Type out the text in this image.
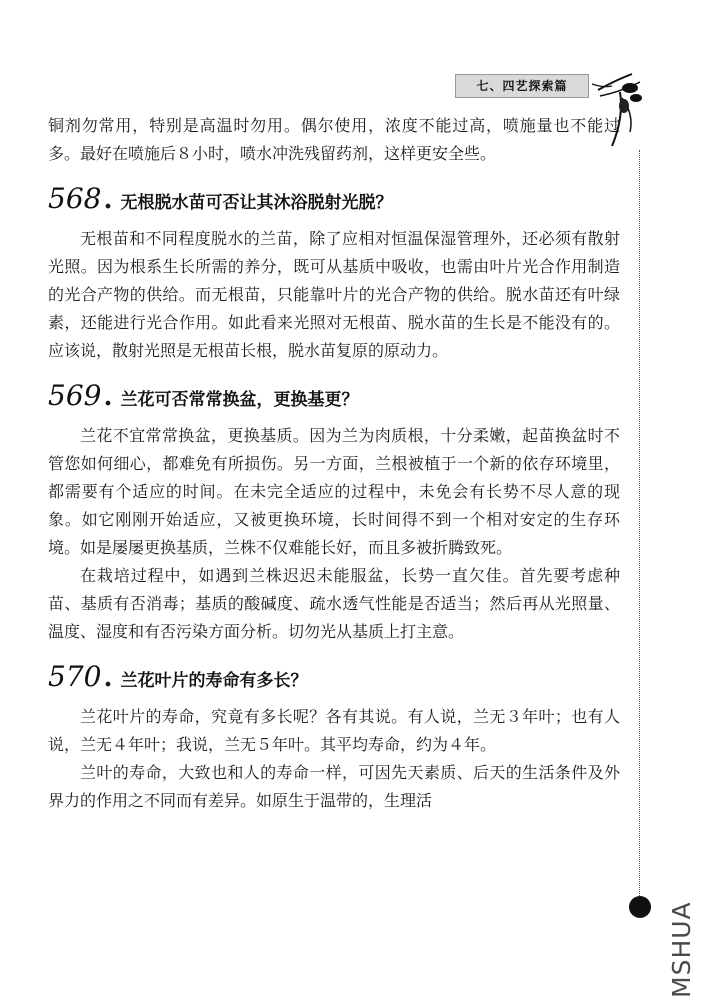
七、四艺探索篇
MSHUA

铜剂勿常用，特别是高温时勿用。偶尔使用，浓度不能过高，喷施量也不能过多。最好在喷施后８小时，喷水冲洗残留药剂，这样更安全些。

568 . 无根脱水苗可否让其沐浴脱射光脱？

无根苗和不同程度脱水的兰苗，除了应相对恒温保湿管理外，还必须有散射光照。因为根系生长所需的养分，既可从基质中吸收，也需由叶片光合作用制造的光合产物的供给。而无根苗，只能靠叶片的光合产物的供给。脱水苗还有叶绿素，还能进行光合作用。如此看来光照对无根苗、脱水苗的生长是不能没有的。应该说，散射光照是无根苗长根，脱水苗复原的原动力。

569 . 兰花可否常常换盆，更换基更？

兰花不宜常常换盆，更换基质。因为兰为肉质根，十分柔嫩，起苗换盆时不管您如何细心，都难免有所损伤。另一方面，兰根被植于一个新的依存环境里，都需要有个适应的时间。在未完全适应的过程中，未免会有长势不尽人意的现象。如它刚刚开始适应，又被更换环境，长时间得不到一个相对安定的生存环境。如是屡屡更换基质，兰株不仅难能长好，而且多被折腾致死。

在栽培过程中，如遇到兰株迟迟未能服盆，长势一直欠佳。首先要考虑种苗、基质有否消毒；基质的酸碱度、疏水透气性能是否适当；然后再从光照量、温度、湿度和有否污染方面分析。切勿光从基质上打主意。

570 . 兰花叶片的寿命有多长？

兰花叶片的寿命，究竟有多长呢？各有其说。有人说，兰无３年叶；也有人说，兰无４年叶；我说，兰无５年叶。其平均寿命，约为４年。

兰叶的寿命，大致也和人的寿命一样，可因先天素质、后天的生活条件及外界力的作用之不同而有差异。如原生于温带的，生理活
